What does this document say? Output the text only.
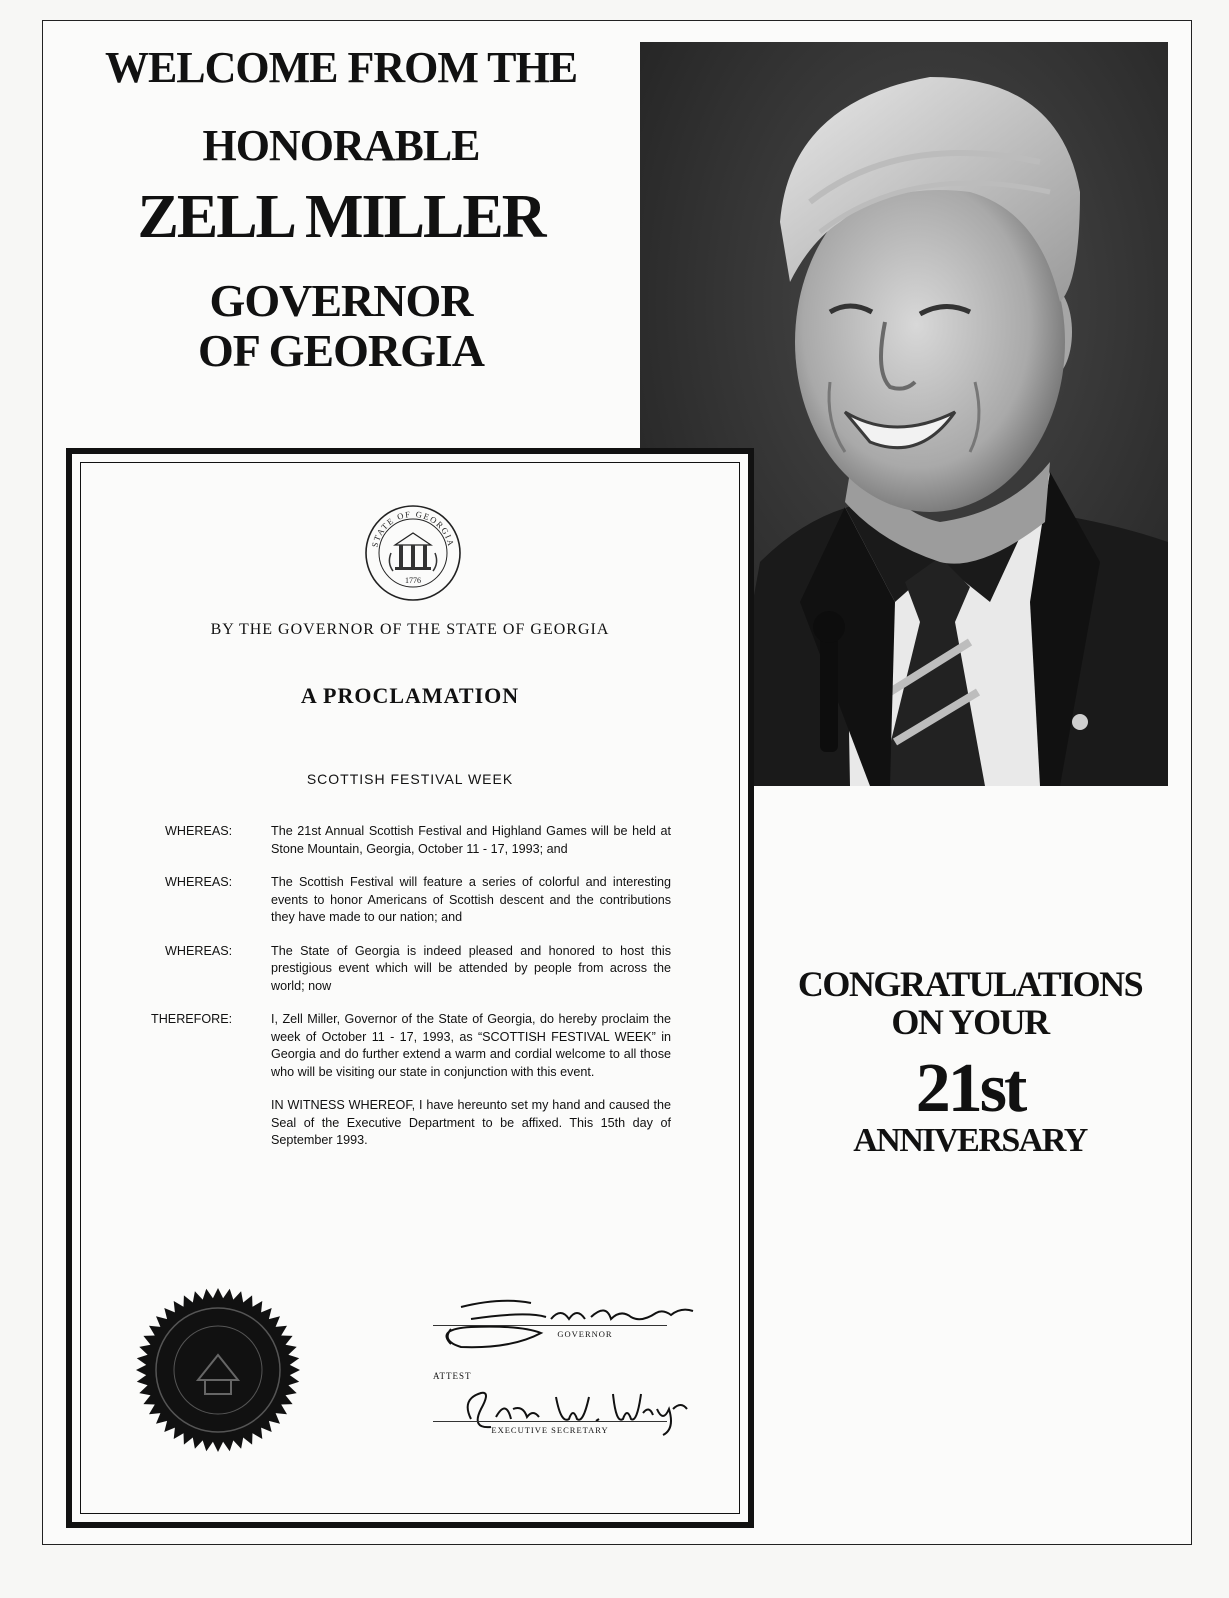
WELCOME FROM THE
HONORABLE
ZELL MILLER
GOVERNOR
OF GEORGIA
1776
STATE OF GEORGIA
BY THE GOVERNOR OF THE STATE OF GEORGIA
A PROCLAMATION
SCOTTISH FESTIVAL WEEK
WHEREAS:	The 21st Annual Scottish Festival and Highland Games will be held at Stone Mountain, Georgia, October 11 - 17, 1993; and
WHEREAS:	The Scottish Festival will feature a series of colorful and interesting events to honor Americans of Scottish descent and the contributions they have made to our nation; and
WHEREAS:	The State of Georgia is indeed pleased and honored to host this prestigious event which will be attended by people from across the world; now
THEREFORE:	I, Zell Miller, Governor of the State of Georgia, do hereby proclaim the week of October 11 - 17, 1993, as “SCOTTISH FESTIVAL WEEK” in Georgia and do further extend a warm and cordial welcome to all those who will be visiting our state in conjunction with this event.
IN WITNESS WHEREOF, I have hereunto set my hand and caused the Seal of the Executive Department to be affixed. This 15th day of September 1993.
GOVERNOR
ATTEST
EXECUTIVE SECRETARY
CONGRATULATIONS
ON YOUR
21st
ANNIVERSARY
